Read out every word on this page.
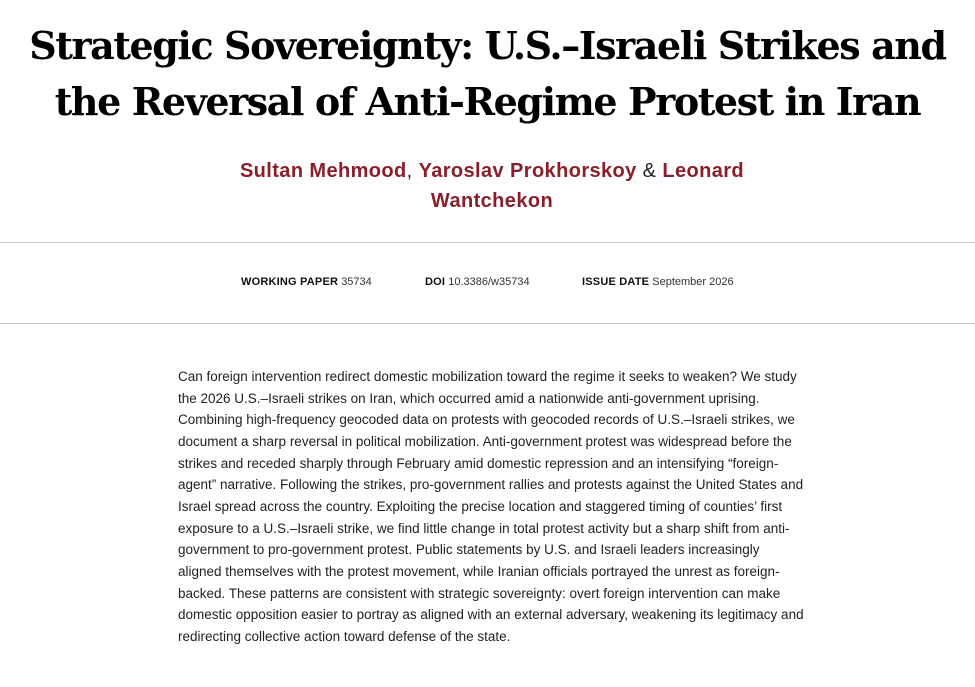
Strategic Sovereignty: U.S.–Israeli Strikes and the Reversal of Anti-Regime Protest in Iran
Sultan Mehmood, Yaroslav Prokhorskoy & Leonard Wantchekon
WORKING PAPER 35734	DOI 10.3386/w35734	ISSUE DATE September 2026

Can foreign intervention redirect domestic mobilization toward the regime it seeks to weaken? We study the 2026 U.S.–Israeli strikes on Iran, which occurred amid a nationwide anti-government uprising. Combining high-frequency geocoded data on protests with geocoded records of U.S.–Israeli strikes, we document a sharp reversal in political mobilization. Anti-government protest was widespread before the strikes and receded sharply through February amid domestic repression and an intensifying “foreign-agent” narrative. Following the strikes, pro-government rallies and protests against the United States and Israel spread across the country. Exploiting the precise location and staggered timing of counties’ first exposure to a U.S.–Israeli strike, we find little change in total protest activity but a sharp shift from anti-government to pro-government protest. Public statements by U.S. and Israeli leaders increasingly aligned themselves with the protest movement, while Iranian officials portrayed the unrest as foreign-backed. These patterns are consistent with strategic sovereignty: overt foreign intervention can make domestic opposition easier to portray as aligned with an external adversary, weakening its legitimacy and redirecting collective action toward defense of the state.
